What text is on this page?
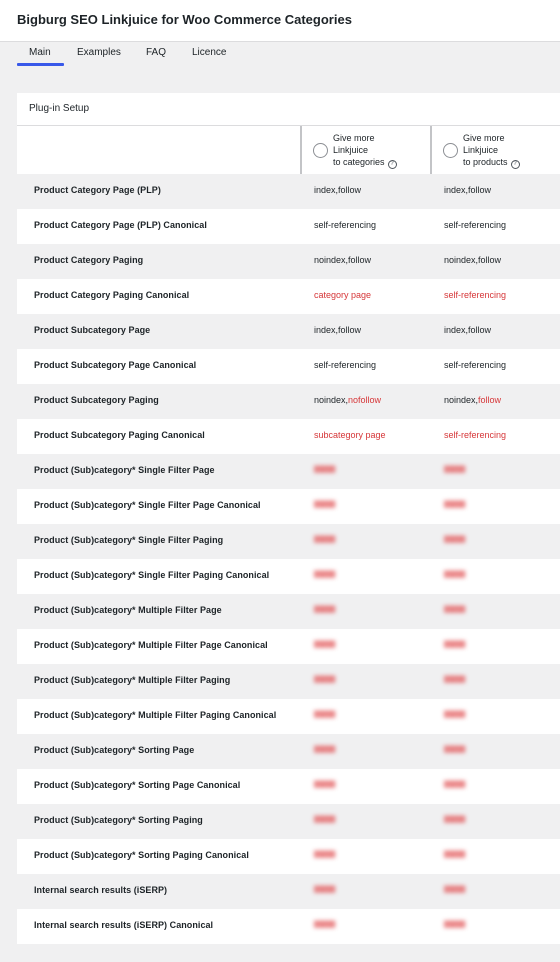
Bigburg SEO Linkjuice for Woo Commerce Categories
Main	Examples	FAQ	Licence
Plug-in Setup
Give more
Linkjuice
to categories ?
Give more
Linkjuice
to products ?
Product Category Page (PLP)	index,follow	index,follow
Product Category Page (PLP) Canonical	self-referencing	self-referencing
Product Category Paging	noindex,follow	noindex,follow
Product Category Paging Canonical	category page	self-referencing
Product Subcategory Page	index,follow	index,follow
Product Subcategory Page Canonical	self-referencing	self-referencing
Product Subcategory Paging	noindex,nofollow	noindex,follow
Product Subcategory Paging Canonical	subcategory page	self-referencing
Product (Sub)category* Single Filter Page	█████	█████
Product (Sub)category* Single Filter Page Canonical	█████	█████
Product (Sub)category* Single Filter Paging	█████	█████
Product (Sub)category* Single Filter Paging Canonical	█████	█████
Product (Sub)category* Multiple Filter Page	█████	█████
Product (Sub)category* Multiple Filter Page Canonical	█████	█████
Product (Sub)category* Multiple Filter Paging	█████	█████
Product (Sub)category* Multiple Filter Paging Canonical	█████	█████
Product (Sub)category* Sorting Page	█████	█████
Product (Sub)category* Sorting Page Canonical	█████	█████
Product (Sub)category* Sorting Paging	█████	█████
Product (Sub)category* Sorting Paging Canonical	█████	█████
Internal search results (iSERP)	█████	█████
Internal search results (iSERP) Canonical	█████	█████
